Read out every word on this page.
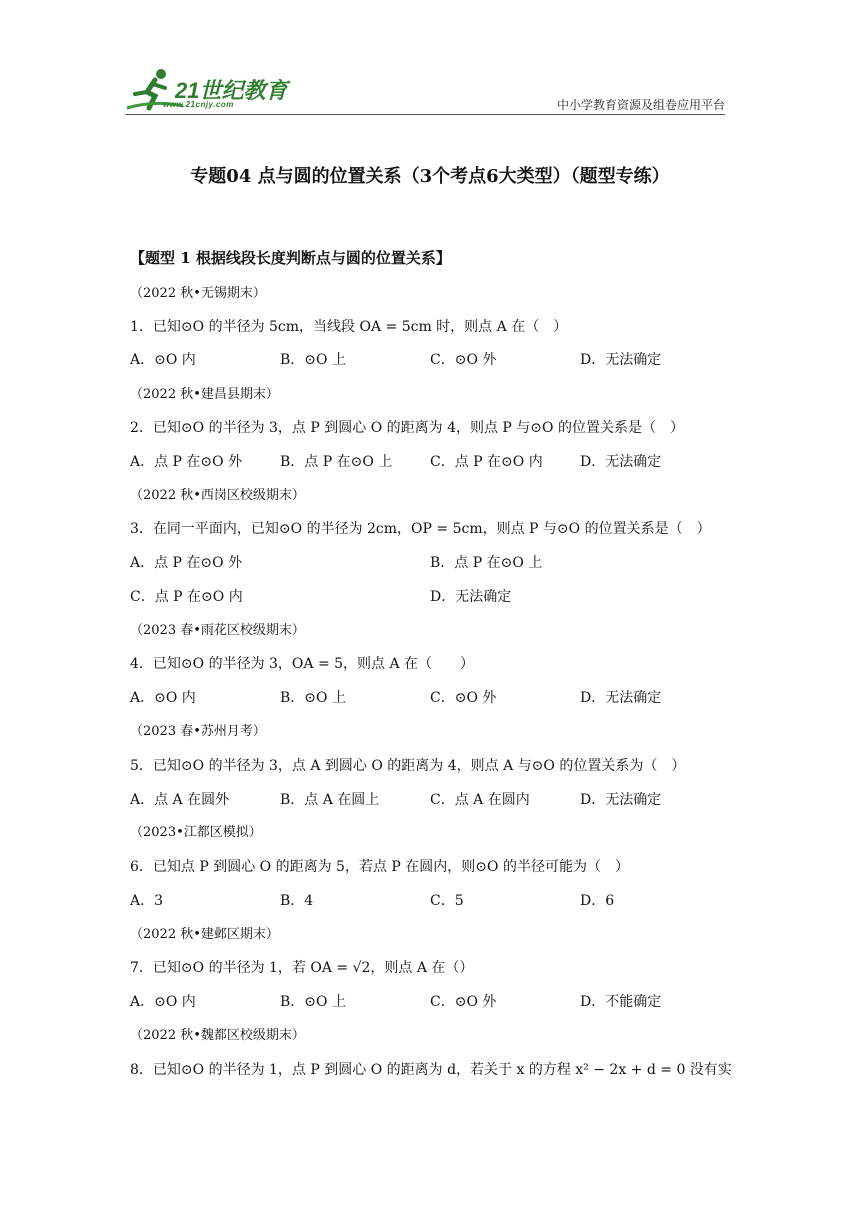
21世纪教育
www.21cnjy.com	中小学教育资源及组卷应用平台
专题04 点与圆的位置关系（3个考点6大类型）（题型专练）
【题型 1 根据线段长度判断点与圆的位置关系】
（2022 秋•无锡期末）
1．已知⊙O 的半径为 5cm，当线段 OA = 5cm 时，则点 A 在（　）
A．⊙O 内	B．⊙O 上	C．⊙O 外	D．无法确定
（2022 秋•建昌县期末）
2．已知⊙O 的半径为 3，点 P 到圆心 O 的距离为 4，则点 P 与⊙O 的位置关系是（　）
A．点 P 在⊙O 外	B．点 P 在⊙O 上	C．点 P 在⊙O 内	D．无法确定
（2022 秋•西岗区校级期末）
3．在同一平面内，已知⊙O 的半径为 2cm，OP = 5cm，则点 P 与⊙O 的位置关系是（　）
A．点 P 在⊙O 外	B．点 P 在⊙O 上
C．点 P 在⊙O 内	D．无法确定
（2023 春•雨花区校级期末）
4．已知⊙O 的半径为 3，OA = 5，则点 A 在（　　）
A．⊙O 内	B．⊙O 上	C．⊙O 外	D．无法确定
（2023 春•苏州月考）
5．已知⊙O 的半径为 3，点 A 到圆心 O 的距离为 4，则点 A 与⊙O 的位置关系为（　）
A．点 A 在圆外	B．点 A 在圆上	C．点 A 在圆内	D．无法确定
（2023•江都区模拟）
6．已知点 P 到圆心 O 的距离为 5，若点 P 在圆内，则⊙O 的半径可能为（　）
A．3	B．4	C．5	D．6
（2022 秋•建邺区期末）
7．已知⊙O 的半径为 1，若 OA = √2，则点 A 在（）
A．⊙O 内	B．⊙O 上	C．⊙O 外	D．不能确定
（2022 秋•魏都区校级期末）
8．已知⊙O 的半径为 1，点 P 到圆心 O 的距离为 d，若关于 x 的方程 x² − 2x + d = 0 没有实
